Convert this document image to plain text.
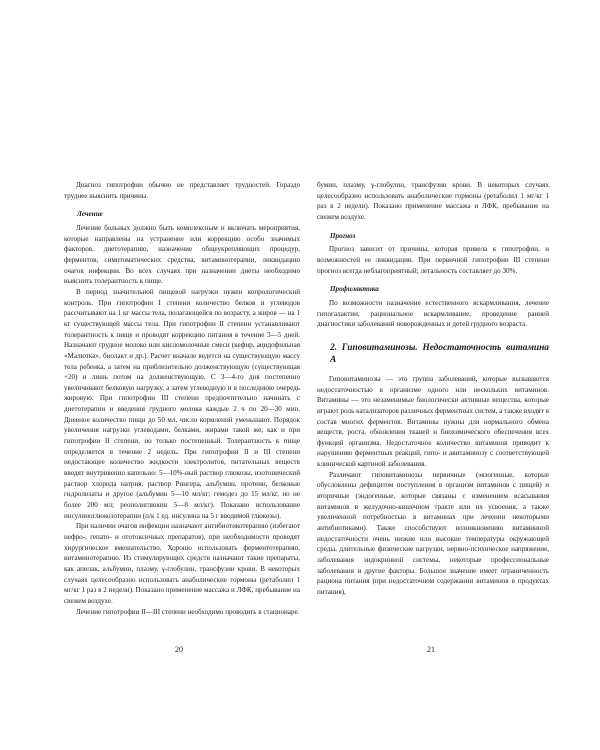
Диагноз гипотрофии обычно не представляет трудностей. Гораздо труднее выяснить причины.

Лечение

Лечение больных должно быть комплексным и включать мероприятия, которые направлены на устранение или коррекцию особо значимых факторов, диетотерапию, назначение общеукрепляющих процедур, ферментов, симптоматических средства, витаминотерапии, ликвидацию очагов инфекции. Во всех случаях при назначении диеты необходимо выяснить толерантность к пище.

В период значительной пищевой нагрузки нужен копрологический контроль. При гипотрофии I степени количество белков и углеводов рассчитывают на 1 кг массы тела, полагающейся по возрасту, а жиров — на 1 кг существующей массы тела. При гипотрофии II степени устанавливают толерантность к пище и проводят коррекцию питания в течение 3—5 дней. Назначают грудное молоко или кисломолочные смеси (кефир, ацидофильная «Малютка», биолакт и др.). Расчет вначале ведется на существующую массу тела ребенка, а затем на приблизительно долженствующую (существующая +20) и лишь потом на долженствующую. С 3—4-го дня постепенно увеличивают белковую нагрузку, а затем углеводную и в последнюю очередь жировую. При гипотрофии III степени предпочтительно начинать с диетотерапии и введения грудного молока каждые 2 ч по 20—30 мин. Дневное количество пищи до 50 мл, число кормлений уменьшают. Порядок увеличения нагрузки углеводами, белками, жирами такой же, как и при гипотрофии II степени, но только постепенный. Толерантность к пище определяется в течение 2 недель. При гипотрофии II и III степени недостающее количество жидкости электролитов, питательных веществ вводят внутривенно капельно: 5—10%-ный раствор глюкозы, изотонический раствор хлорида натрия, раствор Рингера, альбумин, протеин, белковые гидролизаты и другое (альбумин 5—10 мл/кг; гемодез до 15 мл/кг, но не более 200 мл; реополиглюкин 5—8 мл/кг). Показано использование инсулиноглюкозотерапии (п/к 1 ед. инсулина на 5 г вводимой глюкозы).

При наличии очагов инфекции назначают антибиотикотерапию (избегают нефро-, гепато- и ототоксичных препаратов), при необходимости проводят хирургическое вмешательство. Хорошо использовать ферментотерапию, витаминотерапию. Из стимулирующих средств назначают такие препараты, как апилак, альбумин, плазму, γ-глобулин, трансфузии крови. В некоторых случаях целесообразно использовать анаболические гормоны (ретаболил 1 мг/кг 1 раз в 2 недели). Показано применение массажа и ЛФК, пребывание на свежем воздухе.

Лечение гипотрофии II—III степени необходимо проводить в стационаре.

20

бумин, плазму, γ-глобулин, трансфузии крови. В некоторых случаях целесообразно использовать анаболические гормоны (ретаболил 1 мг/кг 1 раз в 2 недели). Показано применение массажа и ЛФК, пребывание на свежем воздухе.

Прогноз

Прогноз зависит от причины, которая привела к гипотрофии, и возможностей ее ликвидации. При первичной гипотрофии III степени прогноз всегда неблагоприятный; летальность составляет до 30%.

Профилактика

По возможности назначение естественного вскармливания, лечение гипогалактии, рациональное вскармливание, проведение ранней диагностики заболеваний новорожденных и детей грудного возраста.

2. Гиповитаминозы. Недостаточность витамина А

Гиповитаминозы — это группа заболеваний, которые вызываются недостаточностью в организме одного или нескольких витаминов. Витамины — это незаменимые биологически активные вещества, которые играют роль катализаторов различных ферментных систем, а также входят в состав многих ферментов. Витамины нужны для нормального обмена веществ, роста, обновления тканей и биохимического обеспечения всех функций организма. Недостаточное количество витаминов приводит к нарушению ферментных реакций, гипо- и авитаминозу с соответствующей клинической картиной заболевания.

Различают гиповитаминозы первичные (экзогенные, которые обусловлены дефицитом поступления в организм витаминов с пищей) и вторичные (эндогенные, которые связаны с изменением всасывания витаминов в желудочно-кишечном тракте или их усвоения, а также увеличенной потребностью в витаминах при лечении некоторыми антибиотиками). Также способствуют возникновению витаминной недостаточности очень низкие или высокие температуры окружающей среды, длительные физические нагрузки, нервно-психическое напряжение, заболевания эндокринной системы, некоторые профессиональные заболевания и другие факторы. Большое значение имеет ограниченность рациона питания (при недостаточном содержании витаминов в продуктах питания),

21
